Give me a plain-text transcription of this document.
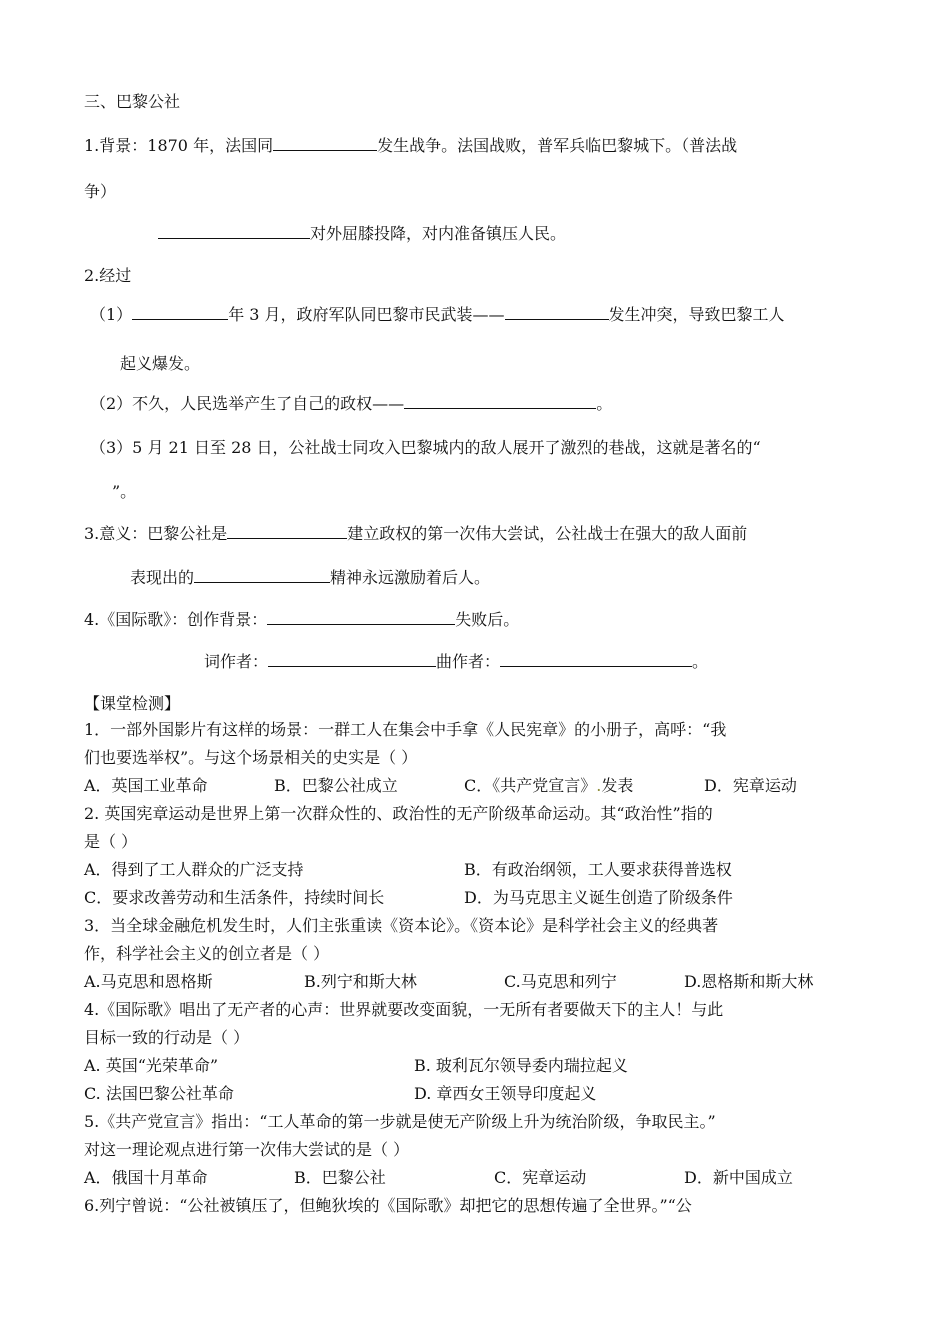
三、巴黎公社
1.背景：1870 年，法国同	发生战争。法国战败，普军兵临巴黎城下。（普法战
争）
对外屈膝投降，对内准备镇压人民。
2.经过
（1）	年 3 月，政府军队同巴黎市民武装——	发生冲突，导致巴黎工人
起义爆发。
（2）不久，人民选举产生了自己的政权——	。
（3）5 月 21 日至 28 日，公社战士同攻入巴黎城内的敌人展开了激烈的巷战，这就是著名的“
”。
3.意义：巴黎公社是	建立政权的第一次伟大尝试，公社战士在强大的敌人面前
表现出的	精神永远激励着后人。
4.《国际歌》：创作背景：	失败后。
词作者：	曲作者：	。
【课堂检测】
1．一部外国影片有这样的场景：一群工人在集会中手拿《人民宪章》的小册子，高呼：“我
们也要选举权”。与这个场景相关的史实是（ ）
A．英国工业革命	B．巴黎公社成立	C．《共产党宣言》.发表	D．宪章运动
2. 英国宪章运动是世界上第一次群众性的、政治性的无产阶级革命运动。其“政治性”指的
是（ ）
A．得到了工人群众的广泛支持	B．有政治纲领，工人要求获得普选权
C．要求改善劳动和生活条件，持续时间长	D．为马克思主义诞生创造了阶级条件
3．当全球金融危机发生时，人们主张重读《资本论》。《资本论》是科学社会主义的经典著
作，科学社会主义的创立者是（ ）
A.马克思和恩格斯	B.列宁和斯大林	C.马克思和列宁	D.恩格斯和斯大林
4.《国际歌》唱出了无产者的心声：世界就要改变面貌，一无所有者要做天下的主人！与此
目标一致的行动是（ ）
A. 英国“光荣革命”	B. 玻利瓦尔领导委内瑞拉起义
C. 法国巴黎公社革命	D. 章西女王领导印度起义
5.《共产党宣言》指出：“工人革命的第一步就是使无产阶级上升为统治阶级，争取民主。”
对这一理论观点进行第一次伟大尝试的是（ ）
A．俄国十月革命	B．巴黎公社	C．宪章运动	D．新中国成立
6.列宁曾说：“公社被镇压了，但鲍狄埃的《国际歌》却把它的思想传遍了全世界。”“公
